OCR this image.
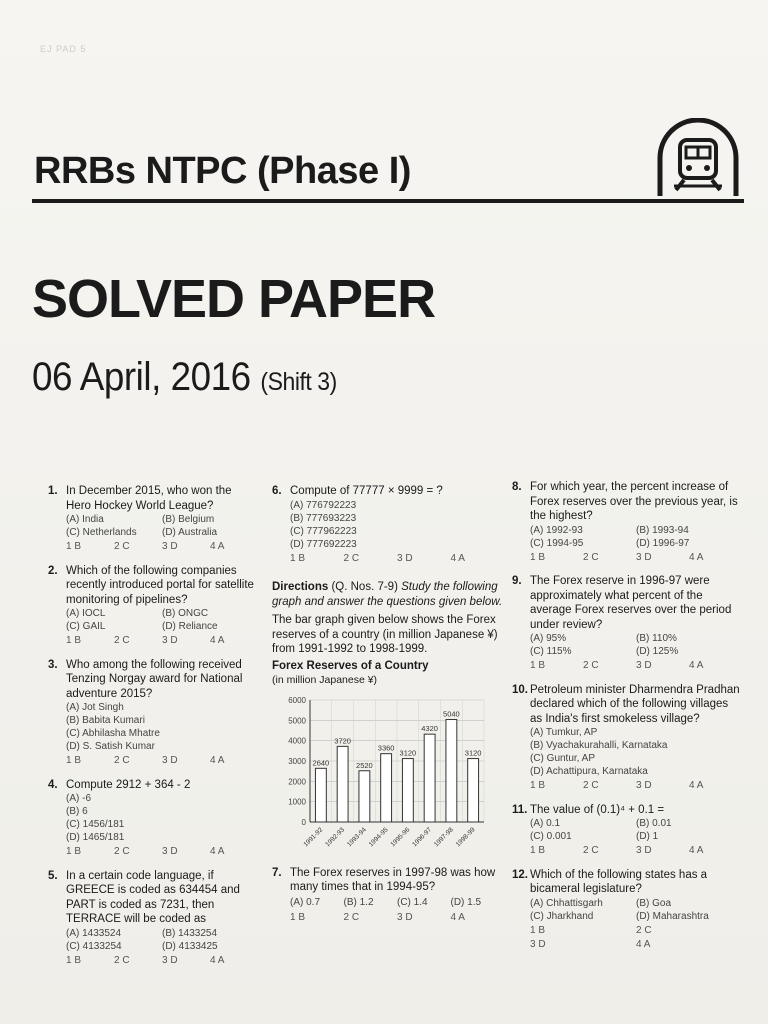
EJ PAD 5
RRBs NTPC (Phase I)
SOLVED PAPER
06 April, 2016 (Shift 3)
1. In December 2015, who won the Hero Hockey World League?
(A) India	(B) Belgium
(C) Netherlands	(D) Australia
1 B	2 C	3 D	4 A
2. Which of the following companies recently introduced portal for satellite monitoring of pipelines?
(A) IOCL	(B) ONGC
(C) GAIL	(D) Reliance
1 B	2 C	3 D	4 A
3. Who among the following received Tenzing Norgay award for National adventure 2015?
(A) Jot Singh
(B) Babita Kumari
(C) Abhilasha Mhatre
(D) S. Satish Kumar
1 B	2 C	3 D	4 A
4. Compute 2912 + 364 - 2
(A) -6
(B) 6
(C) 1456/181
(D) 1465/181
1 B	2 C	3 D	4 A
5. In a certain code language, if GREECE is coded as 634454 and PART is coded as 7231, then TERRACE will be coded as
(A) 1433524	(B) 1433254
(C) 4133254	(D) 4133425
1 B	2 C	3 D	4 A
6. Compute of 77777 × 9999 = ?
(A) 776792223
(B) 777693223
(C) 777962223
(D) 777692223
1 B	2 C	3 D	4 A
Directions (Q. Nos. 7-9) Study the following graph and answer the questions given below.
The bar graph given below shows the Forex reserves of a country (in million Japanese ¥) from 1991-1992 to 1998-1999.
Forex Reserves of a Country
(in million Japanese ¥)
0
1000
2000
3000
4000
5000
6000
2640
1991-92
3720
1992-93
2520
1993-94
3360
1994-95
3120
1995-96
4320
1996-97
5040
1997-98
3120
1998-99
7. The Forex reserves in 1997-98 was how many times that in 1994-95?
(A) 0.7	(B) 1.2	(C) 1.4	(D) 1.5
1 B	2 C	3 D	4 A
8. For which year, the percent increase of Forex reserves over the previous year, is the highest?
(A) 1992-93	(B) 1993-94
(C) 1994-95	(D) 1996-97
1 B	2 C	3 D	4 A
9. The Forex reserve in 1996-97 were approximately what percent of the average Forex reserves over the period under review?
(A) 95%	(B) 110%
(C) 115%	(D) 125%
1 B	2 C	3 D	4 A
10. Petroleum minister Dharmendra Pradhan declared which of the following villages as India's first smokeless village?
(A) Tumkur, AP
(B) Vyachakurahalli, Karnataka
(C) Guntur, AP
(D) Achattipura, Karnataka
1 B	2 C	3 D	4 A
11. The value of (0.1)⁴ + 0.1 =
(A) 0.1	(B) 0.01
(C) 0.001	(D) 1
1 B	2 C	3 D	4 A
12. Which of the following states has a bicameral legislature?
(A) Chhattisgarh	(B) Goa
(C) Jharkhand	(D) Maharashtra
1 B	2 C
3 D	4 A
